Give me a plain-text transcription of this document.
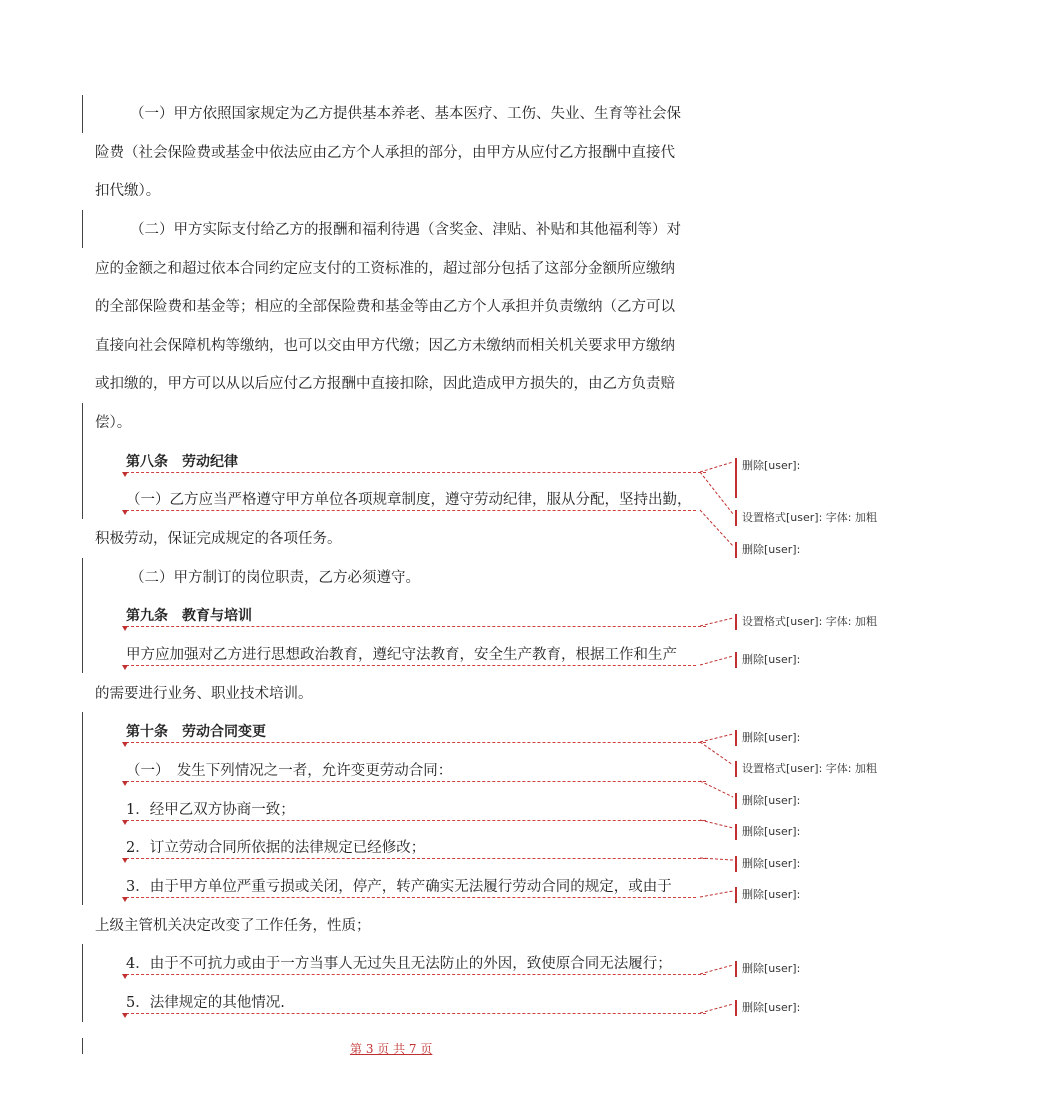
（一）甲方依照国家规定为乙方提供基本养老、基本医疗、工伤、失业、生育等社会保
险费（社会保险费或基金中依法应由乙方个人承担的部分，由甲方从应付乙方报酬中直接代
扣代缴）。
（二）甲方实际支付给乙方的报酬和福利待遇（含奖金、津贴、补贴和其他福利等）对
应的金额之和超过依本合同约定应支付的工资标准的，超过部分包括了这部分金额所应缴纳
的全部保险费和基金等；相应的全部保险费和基金等由乙方个人承担并负责缴纳（乙方可以
直接向社会保障机构等缴纳，也可以交由甲方代缴；因乙方未缴纳而相关机关要求甲方缴纳
或扣缴的，甲方可以从以后应付乙方报酬中直接扣除，因此造成甲方损失的，由乙方负责赔
偿）。
第八条　劳动纪律
（一）乙方应当严格遵守甲方单位各项规章制度，遵守劳动纪律，服从分配，坚持出勤，
积极劳动，保证完成规定的各项任务。
（二）甲方制订的岗位职责，乙方必须遵守。
第九条　教育与培训
甲方应加强对乙方进行思想政治教育，遵纪守法教育，安全生产教育，根据工作和生产
的需要进行业务、职业技术培训。
第十条　劳动合同变更
（一）　发生下列情况之一者，允许变更劳动合同：
1．经甲乙双方协商一致；
2．订立劳动合同所依据的法律规定已经修改；
3．由于甲方单位严重亏损或关闭，停产，转产确实无法履行劳动合同的规定，或由于
上级主管机关决定改变了工作任务，性质；
4．由于不可抗力或由于一方当事人无过失且无法防止的外因，致使原合同无法履行；
5．法律规定的其他情况.
删除[user]:
设置格式[user]: 字体: 加粗
删除[user]:
设置格式[user]: 字体: 加粗
删除[user]:
删除[user]:
设置格式[user]: 字体: 加粗
删除[user]:
删除[user]:
删除[user]:
删除[user]:
删除[user]:
删除[user]:
第 3 页 共 7 页
